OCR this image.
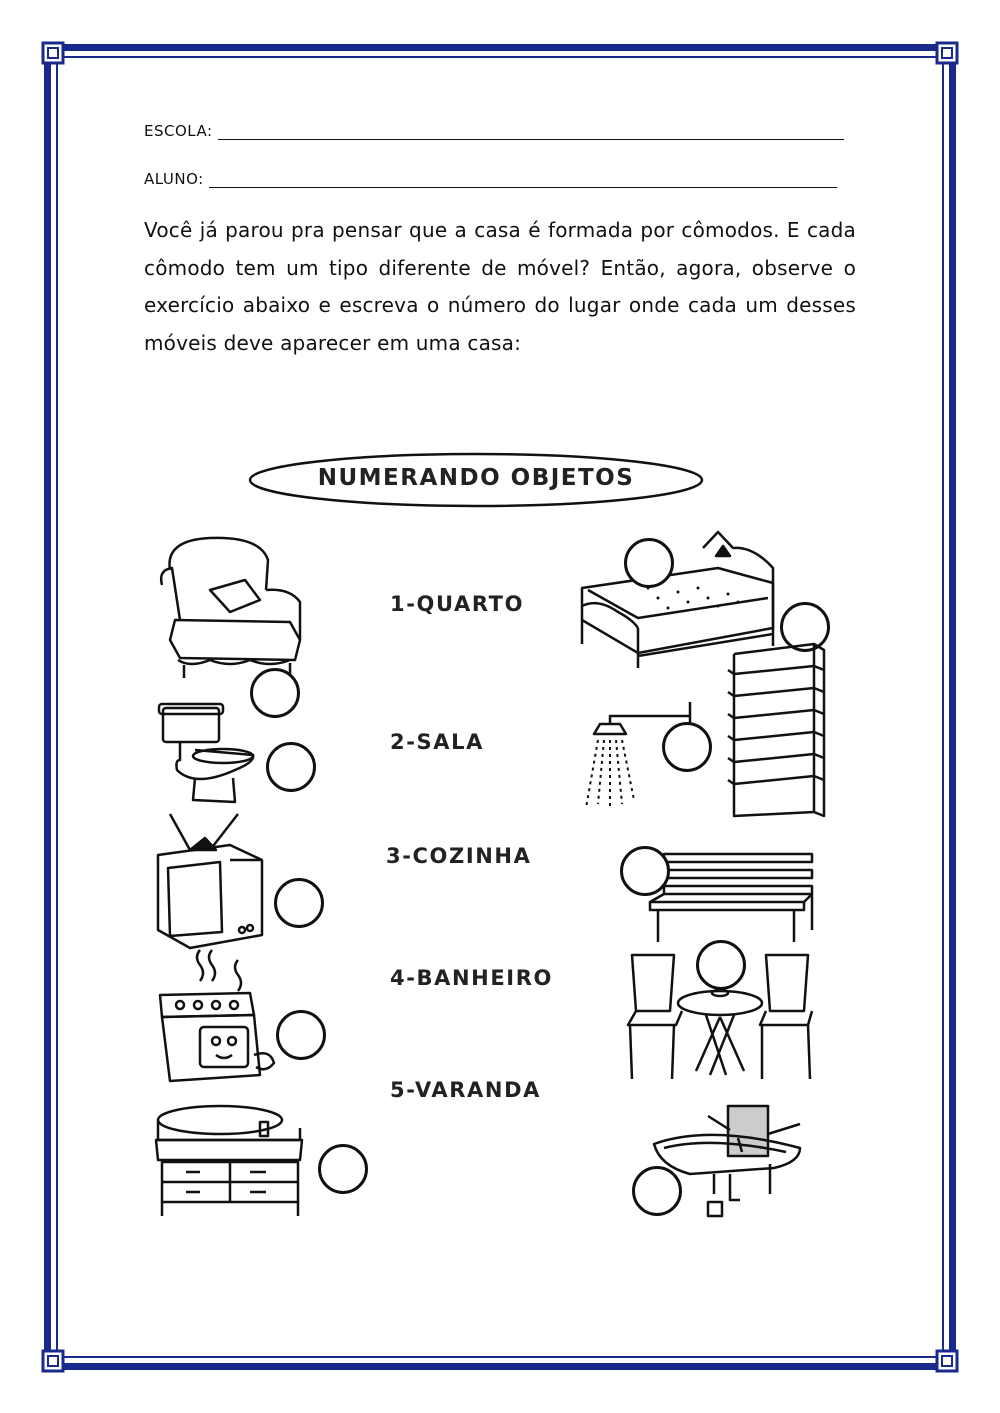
ESCOLA:
ALUNO:
Você já parou pra pensar que a casa é formada por cômodos. E cada cômodo tem um tipo diferente de móvel? Então, agora, observe o exercício abaixo e escreva o número do lugar onde cada um desses móveis deve aparecer em uma casa:
NUMERANDO OBJETOS
1-QUARTO
2-SALA
3-COZINHA
4-BANHEIRO
5-VARANDA
